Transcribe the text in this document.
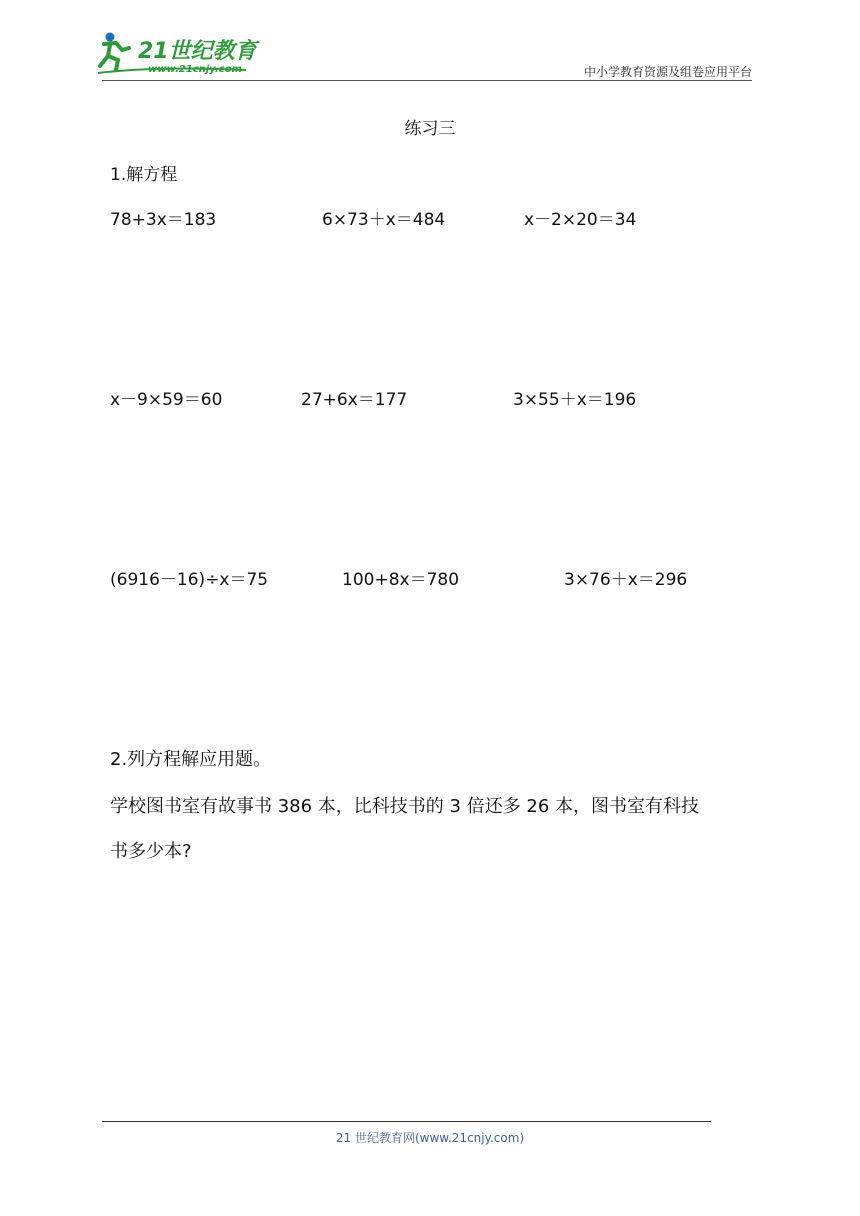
21世纪教育
www.21cnjy.com	中小学教育资源及组卷应用平台
练习三
1.解方程
78+3x＝183	6×73＋x＝484	x－2×20＝34
x－9×59＝60	27+6x＝177	3×55＋x＝196
(6916－16)÷x＝75	100+8x＝780	3×76＋x＝296
2.列方程解应用题。
学校图书室有故事书 386 本，比科技书的 3 倍还多 26 本，图书室有科技
书多少本?
21 世纪教育网(www.21cnjy.com)
